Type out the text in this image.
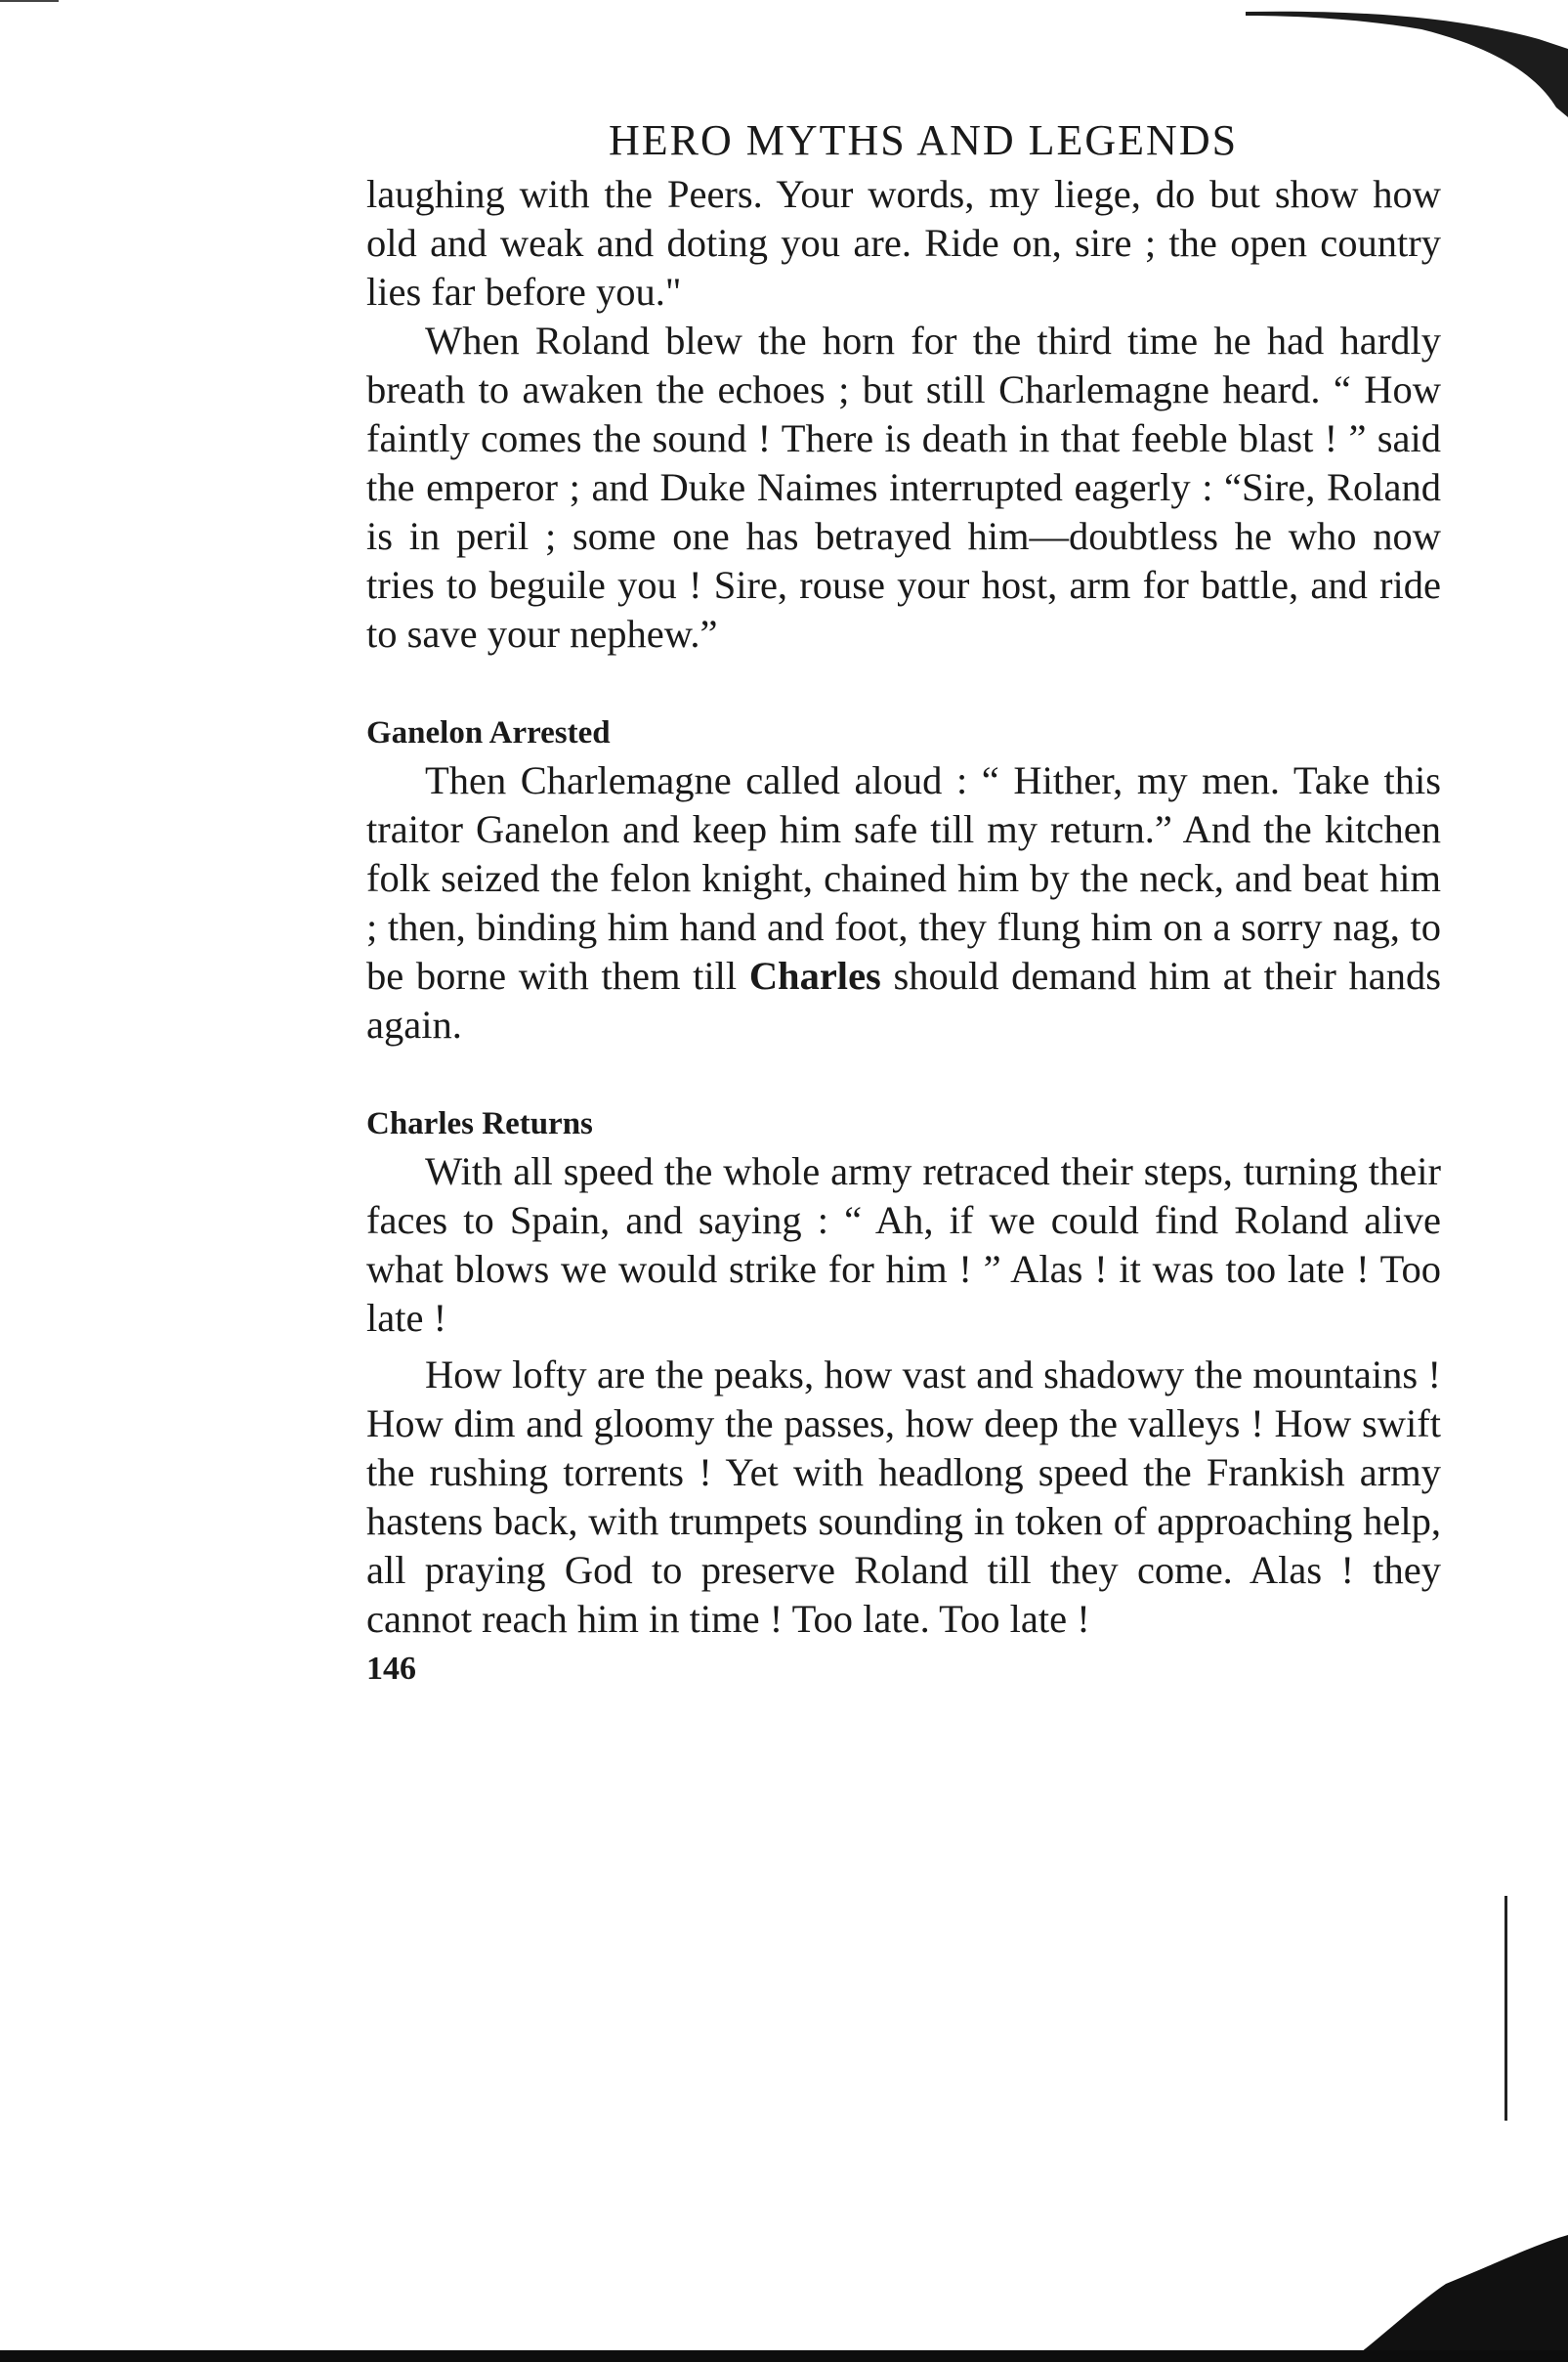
HERO MYTHS AND LEGENDS

laughing with the Peers. Your words, my liege, do but show how old and weak and doting you are. Ride on, sire ; the open country lies far before you."

When Roland blew the horn for the third time he had hardly breath to awaken the echoes ; but still Charlemagne heard. “ How faintly comes the sound ! There is death in that feeble blast ! ” said the emperor ; and Duke Naimes interrupted eagerly : “Sire, Roland is in peril ; some one has betrayed him—doubtless he who now tries to beguile you ! Sire, rouse your host, arm for battle, and ride to save your nephew.”

Ganelon Arrested

Then Charlemagne called aloud : “ Hither, my men. Take this traitor Ganelon and keep him safe till my return.” And the kitchen folk seized the felon knight, chained him by the neck, and beat him ; then, binding him hand and foot, they flung him on a sorry nag, to be borne with them till Charles should demand him at their hands again.

Charles Returns

With all speed the whole army retraced their steps, turning their faces to Spain, and saying : “ Ah, if we could find Roland alive what blows we would strike for him ! ” Alas ! it was too late ! Too late !

How lofty are the peaks, how vast and shadowy the mountains ! How dim and gloomy the passes, how deep the valleys ! How swift the rushing torrents ! Yet with headlong speed the Frankish army hastens back, with trumpets sounding in token of approaching help, all praying God to preserve Roland till they come. Alas ! they cannot reach him in time ! Too late. Too late !

146
